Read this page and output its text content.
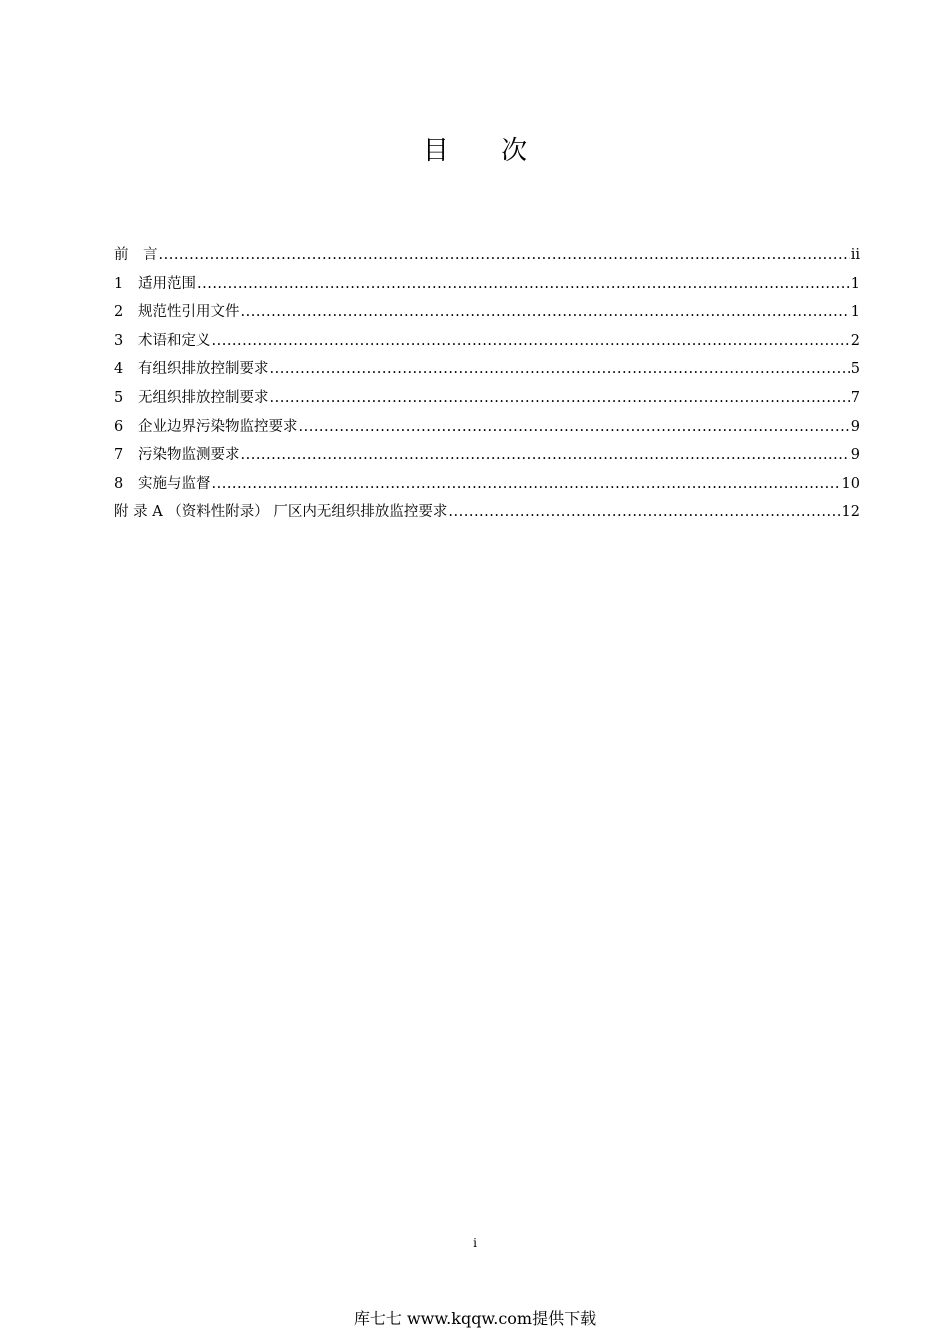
目 次
前　言 .....	ii
1	适用范围 .....	1
2	规范性引用文件 .....	1
3	术语和定义 .....	2
4	有组织排放控制要求 .....	5
5	无组织排放控制要求 .....	7
6	企业边界污染物监控要求 .....	9
7	污染物监测要求 .....	9
8	实施与监督 .....	10
附 录 A （资料性附录） 厂区内无组织排放监控要求 .....	12
i
库七七 www.kqqw.com提供下载
